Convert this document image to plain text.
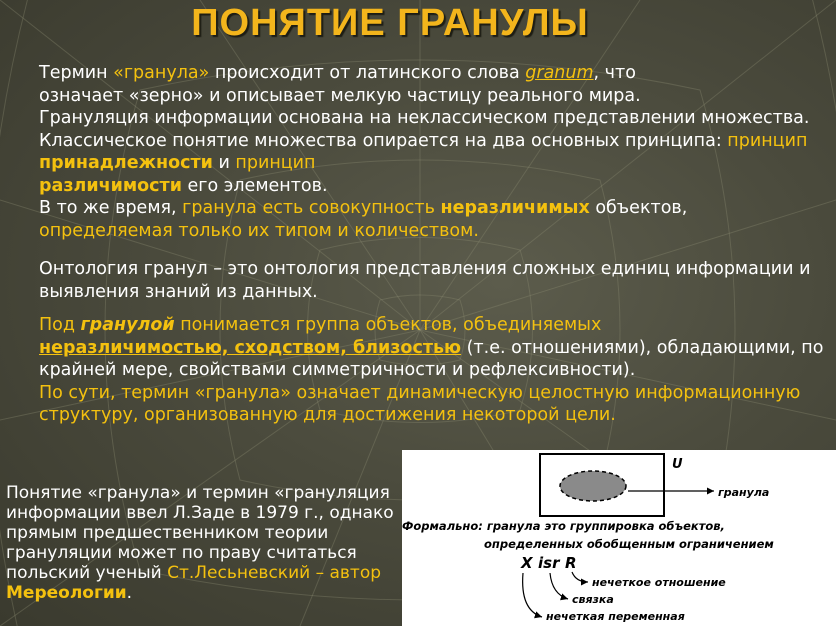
ПОНЯТИЕ ГРАНУЛЫ
Термин «гранула» происходит от латинского слова granum, что
означает «зерно» и описывает мелкую частицу реального мира.
Грануляция информации основана на неклассическом представлении множества. Классическое понятие множества опирается на два основных принципа: принцип принадлежности и принцип
различимости его элементов.
В то же время, гранула есть совокупность неразличимых объектов,
определяемая только их типом и количеством.
Онтология гранул – это онтология представления сложных единиц информации и выявления знаний из данных.
Под гранулой понимается группа объектов, объединяемых
неразличимостью, сходством, близостью (т.е. отношениями), обладающими, по крайней мере, свойствами симметричности и рефлексивности).
По сути, термин «гранула» означает динамическую целостную информационную структуру, организованную для достижения некоторой цели.
Понятие «гранула» и термин «грануляция информации ввел Л.Заде в 1979 г., однако прямым предшественником теории грануляции может по праву считаться польский ученый Ст.Лесьневский – автор Мереологии.
U
гранула
Формально: гранула это группировка объектов,
определенных обобщенным ограничением
X isr R
нечеткое отношение
связка
нечеткая переменная
